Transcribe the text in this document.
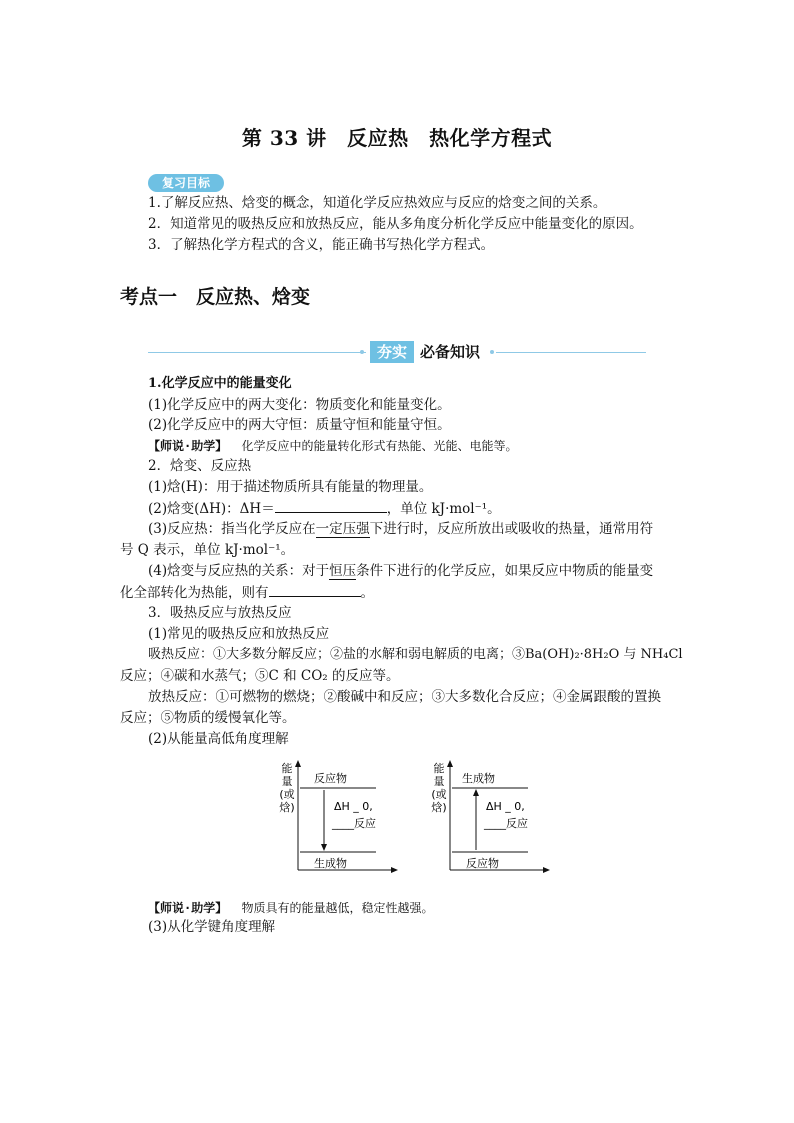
第 33 讲　反应热　热化学方程式
复习目标
1.了解反应热、焓变的概念，知道化学反应热效应与反应的焓变之间的关系。
2．知道常见的吸热反应和放热反应，能从多角度分析化学反应中能量变化的原因。
3．了解热化学方程式的含义，能正确书写热化学方程式。
考点一　反应热、焓变
夯实 必备知识
1.化学反应中的能量变化
(1)化学反应中的两大变化：物质变化和能量变化。
(2)化学反应中的两大守恒：质量守恒和能量守恒。
【师说·助学】 化学反应中的能量转化形式有热能、光能、电能等。
2．焓变、反应热
(1)焓(H)：用于描述物质所具有能量的物理量。
(2)焓变(ΔH)：ΔH＝	，单位 kJ·mol⁻¹。
(3)反应热：指当化学反应在一定压强下进行时，反应所放出或吸收的热量，通常用符
号 Q 表示，单位 kJ·mol⁻¹。
(4)焓变与反应热的关系：对于恒压条件下进行的化学反应，如果反应中物质的能量变
化全部转化为热能，则有	。
3．吸热反应与放热反应
(1)常见的吸热反应和放热反应
吸热反应：①大多数分解反应；②盐的水解和弱电解质的电离；③Ba(OH)₂·8H₂O 与 NH₄Cl
反应；④碳和水蒸气；⑤C 和 CO₂ 的反应等。
放热反应：①可燃物的燃烧；②酸碱中和反应；③大多数化合反应；④金属跟酸的置换
反应；⑤物质的缓慢氧化等。
(2)从能量高低角度理解
能
量
(或
焓)
反应物
生成物
ΔH _ 0,
____反应
能
量
(或
焓)
生成物
反应物
ΔH _ 0,
____反应
【师说·助学】 物质具有的能量越低，稳定性越强。
(3)从化学键角度理解
